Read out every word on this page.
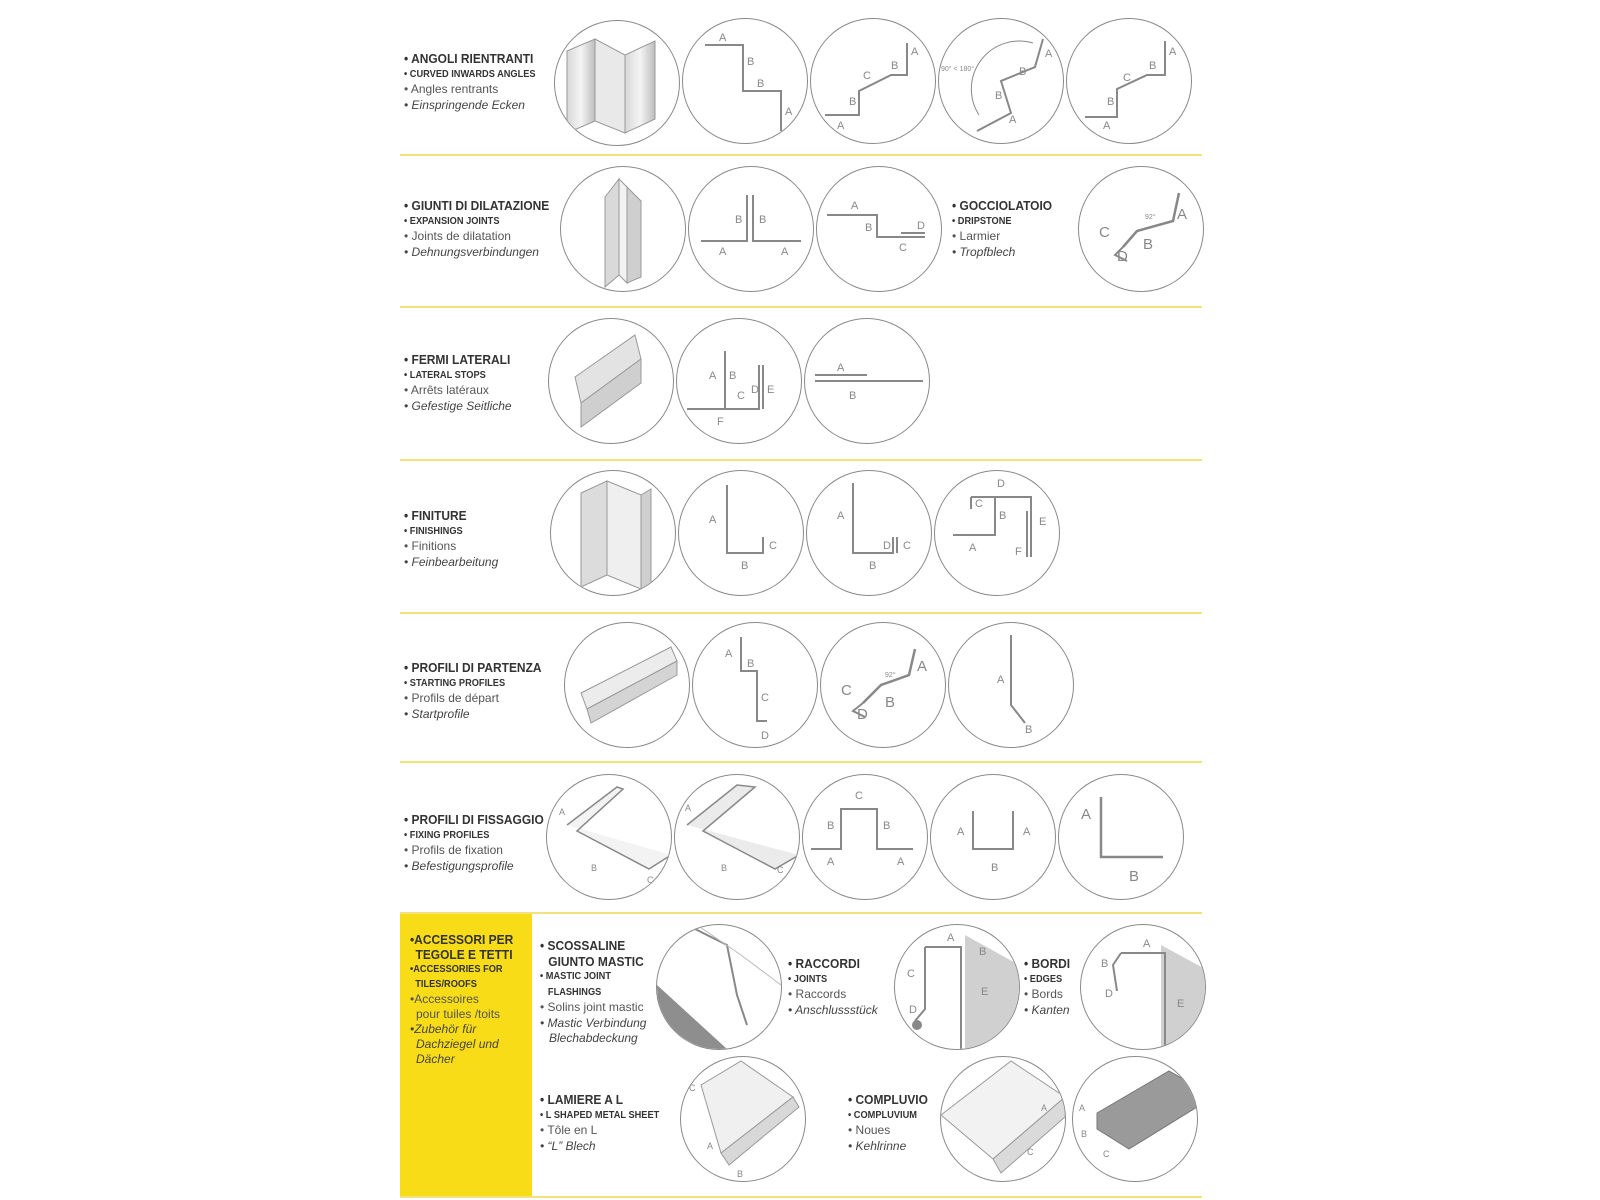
• ANGOLI RIENTRANTI
• CURVED INWARDS ANGLES
• Angles rentrants
• Einspringende Ecken
A
B
B
A
A
B
C
B
A
90° < 180°
A
B
B
A
A
B
C
B
A
• GIUNTI DI DILATAZIONE
• EXPANSION JOINTS
• Joints de dilatation
• Dehnungsverbindungen
B B
A	A
A
B
C
D
• GOCCIOLATOIO
• DRIPSTONE
• Larmier
• Tropfblech
C
D
B
A
92°
• FERMI LATERALI
• LATERAL STOPS
• Arrêts latéraux
• Gefestige Seitliche
A B
C D E
F
A
B
• FINITURE
• FINISHINGS
• Finitions
• Feinbearbeitung
A
B
C
A
B
D C
D
C
B	E
A	F
• PROFILI DI PARTENZA
• STARTING PROFILES
• Profils de départ
• Startprofile
A
B
C
D
C
D
B
A
92°	A
B
• PROFILI DI FISSAGGIO
• FIXING PROFILES
• Profils de fixation
• Befestigungsprofile
A
B
C
A
B	C
C
B	B
A	A
A	A
B
A
B
•ACCESSORI PER
TEGOLE E TETTI
•ACCESSORIES FOR
TILES/ROOFS
•Accessoires
pour tuiles /toits
•Zubehör für
Dachziegel und
Dächer
• SCOSSALINE
GIUNTO MASTIC
• MASTIC JOINT
FLASHINGS
• Solins joint mastic
• Mastic Verbindung
Blechabdeckung
• RACCORDI
• JOINTS
• Raccords
• Anschlussstück
A
B
C
D
E
• BORDI
• EDGES
• Bords
• Kanten
A
B
D
E
• LAMIERE A L
• L SHAPED METAL SHEET
• Tôle en L
• “L” Blech
C
A
B
• COMPLUVIO
• COMPLUVIUM
• Noues
• Kehlrinne	C
A	A
B
C
